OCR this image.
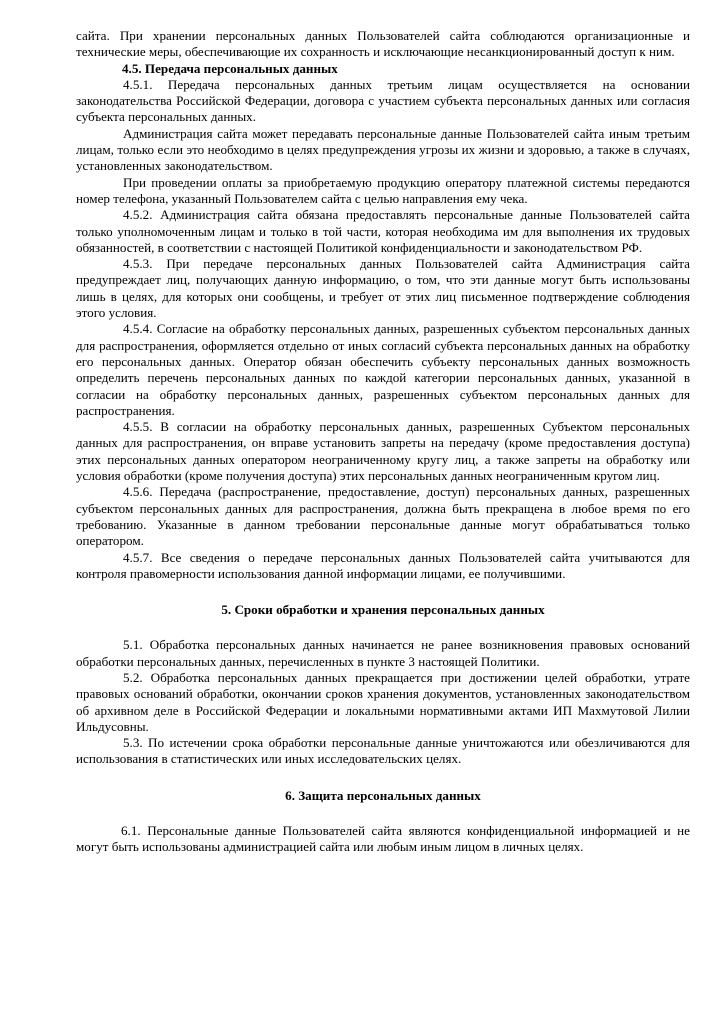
сайта. При хранении персональных данных Пользователей сайта соблюдаются организационные и технические меры, обеспечивающие их сохранность и исключающие несанкционированный доступ к ним.

4.5. Передача персональных данных

4.5.1. Передача персональных данных третьим лицам осуществляется на основании законодательства Российской Федерации, договора с участием субъекта персональных данных или согласия субъекта персональных данных.

Администрация сайта может передавать персональные данные Пользователей сайта иным третьим лицам, только если это необходимо в целях предупреждения угрозы их жизни и здоровью, а также в случаях, установленных законодательством.

При проведении оплаты за приобретаемую продукцию оператору платежной системы передаются номер телефона, указанный Пользователем сайта с целью направления ему чека.

4.5.2. Администрация сайта обязана предоставлять персональные данные Пользователей сайта только уполномоченным лицам и только в той части, которая необходима им для выполнения их трудовых обязанностей, в соответствии с настоящей Политикой конфиденциальности и законодательством РФ.

4.5.3. При передаче персональных данных Пользователей сайта Администрация сайта предупреждает лиц, получающих данную информацию, о том, что эти данные могут быть использованы лишь в целях, для которых они сообщены, и требует от этих лиц письменное подтверждение соблюдения этого условия.

4.5.4. Согласие на обработку персональных данных, разрешенных субъектом персональных данных для распространения, оформляется отдельно от иных согласий субъекта персональных данных на обработку его персональных данных. Оператор обязан обеспечить субъекту персональных данных возможность определить перечень персональных данных по каждой категории персональных данных, указанной в согласии на обработку персональных данных, разрешенных субъектом персональных данных для распространения.

4.5.5. В согласии на обработку персональных данных, разрешенных Субъектом персональных данных для распространения, он вправе установить запреты на передачу (кроме предоставления доступа) этих персональных данных оператором неограниченному кругу лиц, а также запреты на обработку или условия обработки (кроме получения доступа) этих персональных данных неограниченным кругом лиц.

4.5.6. Передача (распространение, предоставление, доступ) персональных данных, разрешенных субъектом персональных данных для распространения, должна быть прекращена в любое время по его требованию. Указанные в данном требовании персональные данные могут обрабатываться только оператором.

4.5.7. Все сведения о передаче персональных данных Пользователей сайта учитываются для контроля правомерности использования данной информации лицами, ее получившими.

5. Сроки обработки и хранения персональных данных

5.1. Обработка персональных данных начинается не ранее возникновения правовых оснований обработки персональных данных, перечисленных в пункте 3 настоящей Политики.

5.2. Обработка персональных данных прекращается при достижении целей обработки, утрате правовых оснований обработки, окончании сроков хранения документов, установленных законодательством об архивном деле в Российской Федерации и локальными нормативными актами ИП Махмутовой Лилии Ильдусовны.

5.3. По истечении срока обработки персональные данные уничтожаются или обезличиваются для использования в статистических или иных исследовательских целях.

6. Защита персональных данных

6.1. Персональные данные Пользователей сайта являются конфиденциальной информацией и не могут быть использованы администрацией сайта или любым иным лицом в личных целях.
